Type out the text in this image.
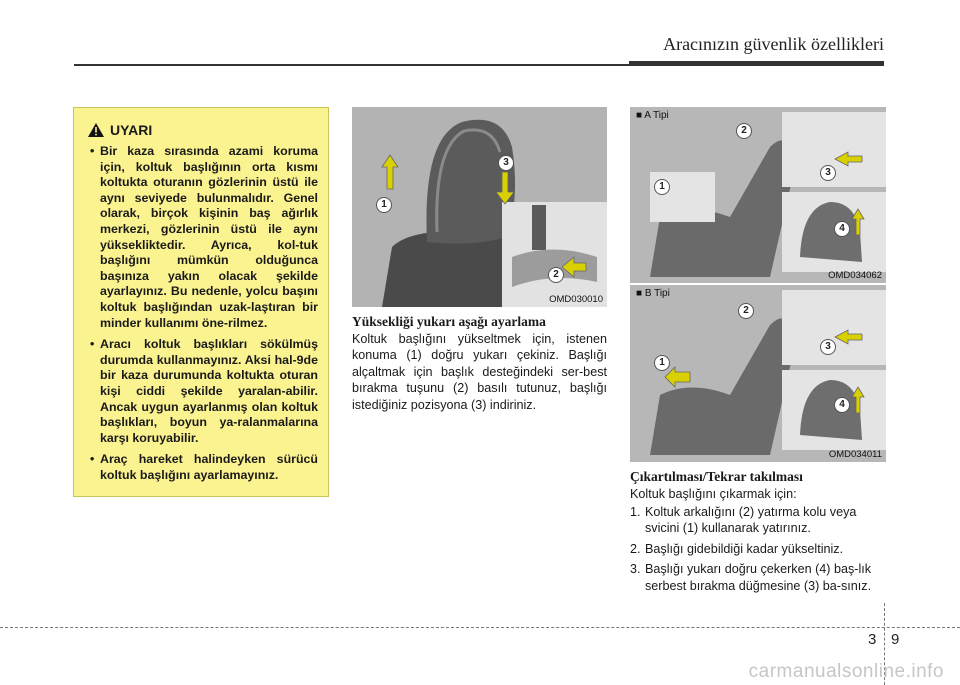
Aracınızın güvenlik özellikleri
UYARI
• Bir kaza sırasında azami koruma için, koltuk başlığının orta kısmı koltukta oturanın gözlerinin üstü ile aynı seviyede bulunmalıdır. Genel olarak, birçok kişinin baş ağırlık merkezi, gözlerinin üstü ile aynı yüksekliktedir. Ayrıca, kol-tuk başlığını mümkün olduğunca başınıza yakın olacak şekilde ayarlayınız. Bu nedenle, yolcu başını koltuk başlığından uzak-laştıran bir minder kullanımı öne-rilmez.
• Aracı koltuk başlıkları sökülmüş durumda kullanmayınız. Aksi hal-9de bir kaza durumunda koltukta oturan kişi ciddi şekilde yaralan-abilir. Ancak uygun ayarlanmış olan koltuk başlıkları, boyun ya-ralanmalarına karşı koruyabilir.
• Araç hareket halindeyken sürücü koltuk başlığını ayarlamayınız.
1
2
3
OMD030010
Yüksekliği yukarı aşağı ayarlama
Koltuk başlığını yükseltmek için, istenen konuma (1) doğru yukarı çekiniz. Başlığı alçaltmak için başlık desteğindeki ser-best bırakma tuşunu (2) basılı tutunuz, başlığı istediğiniz pozisyona (3) indiriniz.
■ A Tipi
1
2
3
4
OMD034062
■ B Tipi
1
2
3
4
OMD034011
Çıkartılması/Tekrar takılması
Koltuk başlığını çıkarmak için:
1. Koltuk arkalığını (2) yatırma kolu veya svicini (1) kullanarak yatırınız.
2. Başlığı gidebildiği kadar yükseltiniz.
3. Başlığı yukarı doğru çekerken (4) baş-lık serbest bırakma düğmesine (3) ba-sınız.
3 9
carmanualsonline.info
